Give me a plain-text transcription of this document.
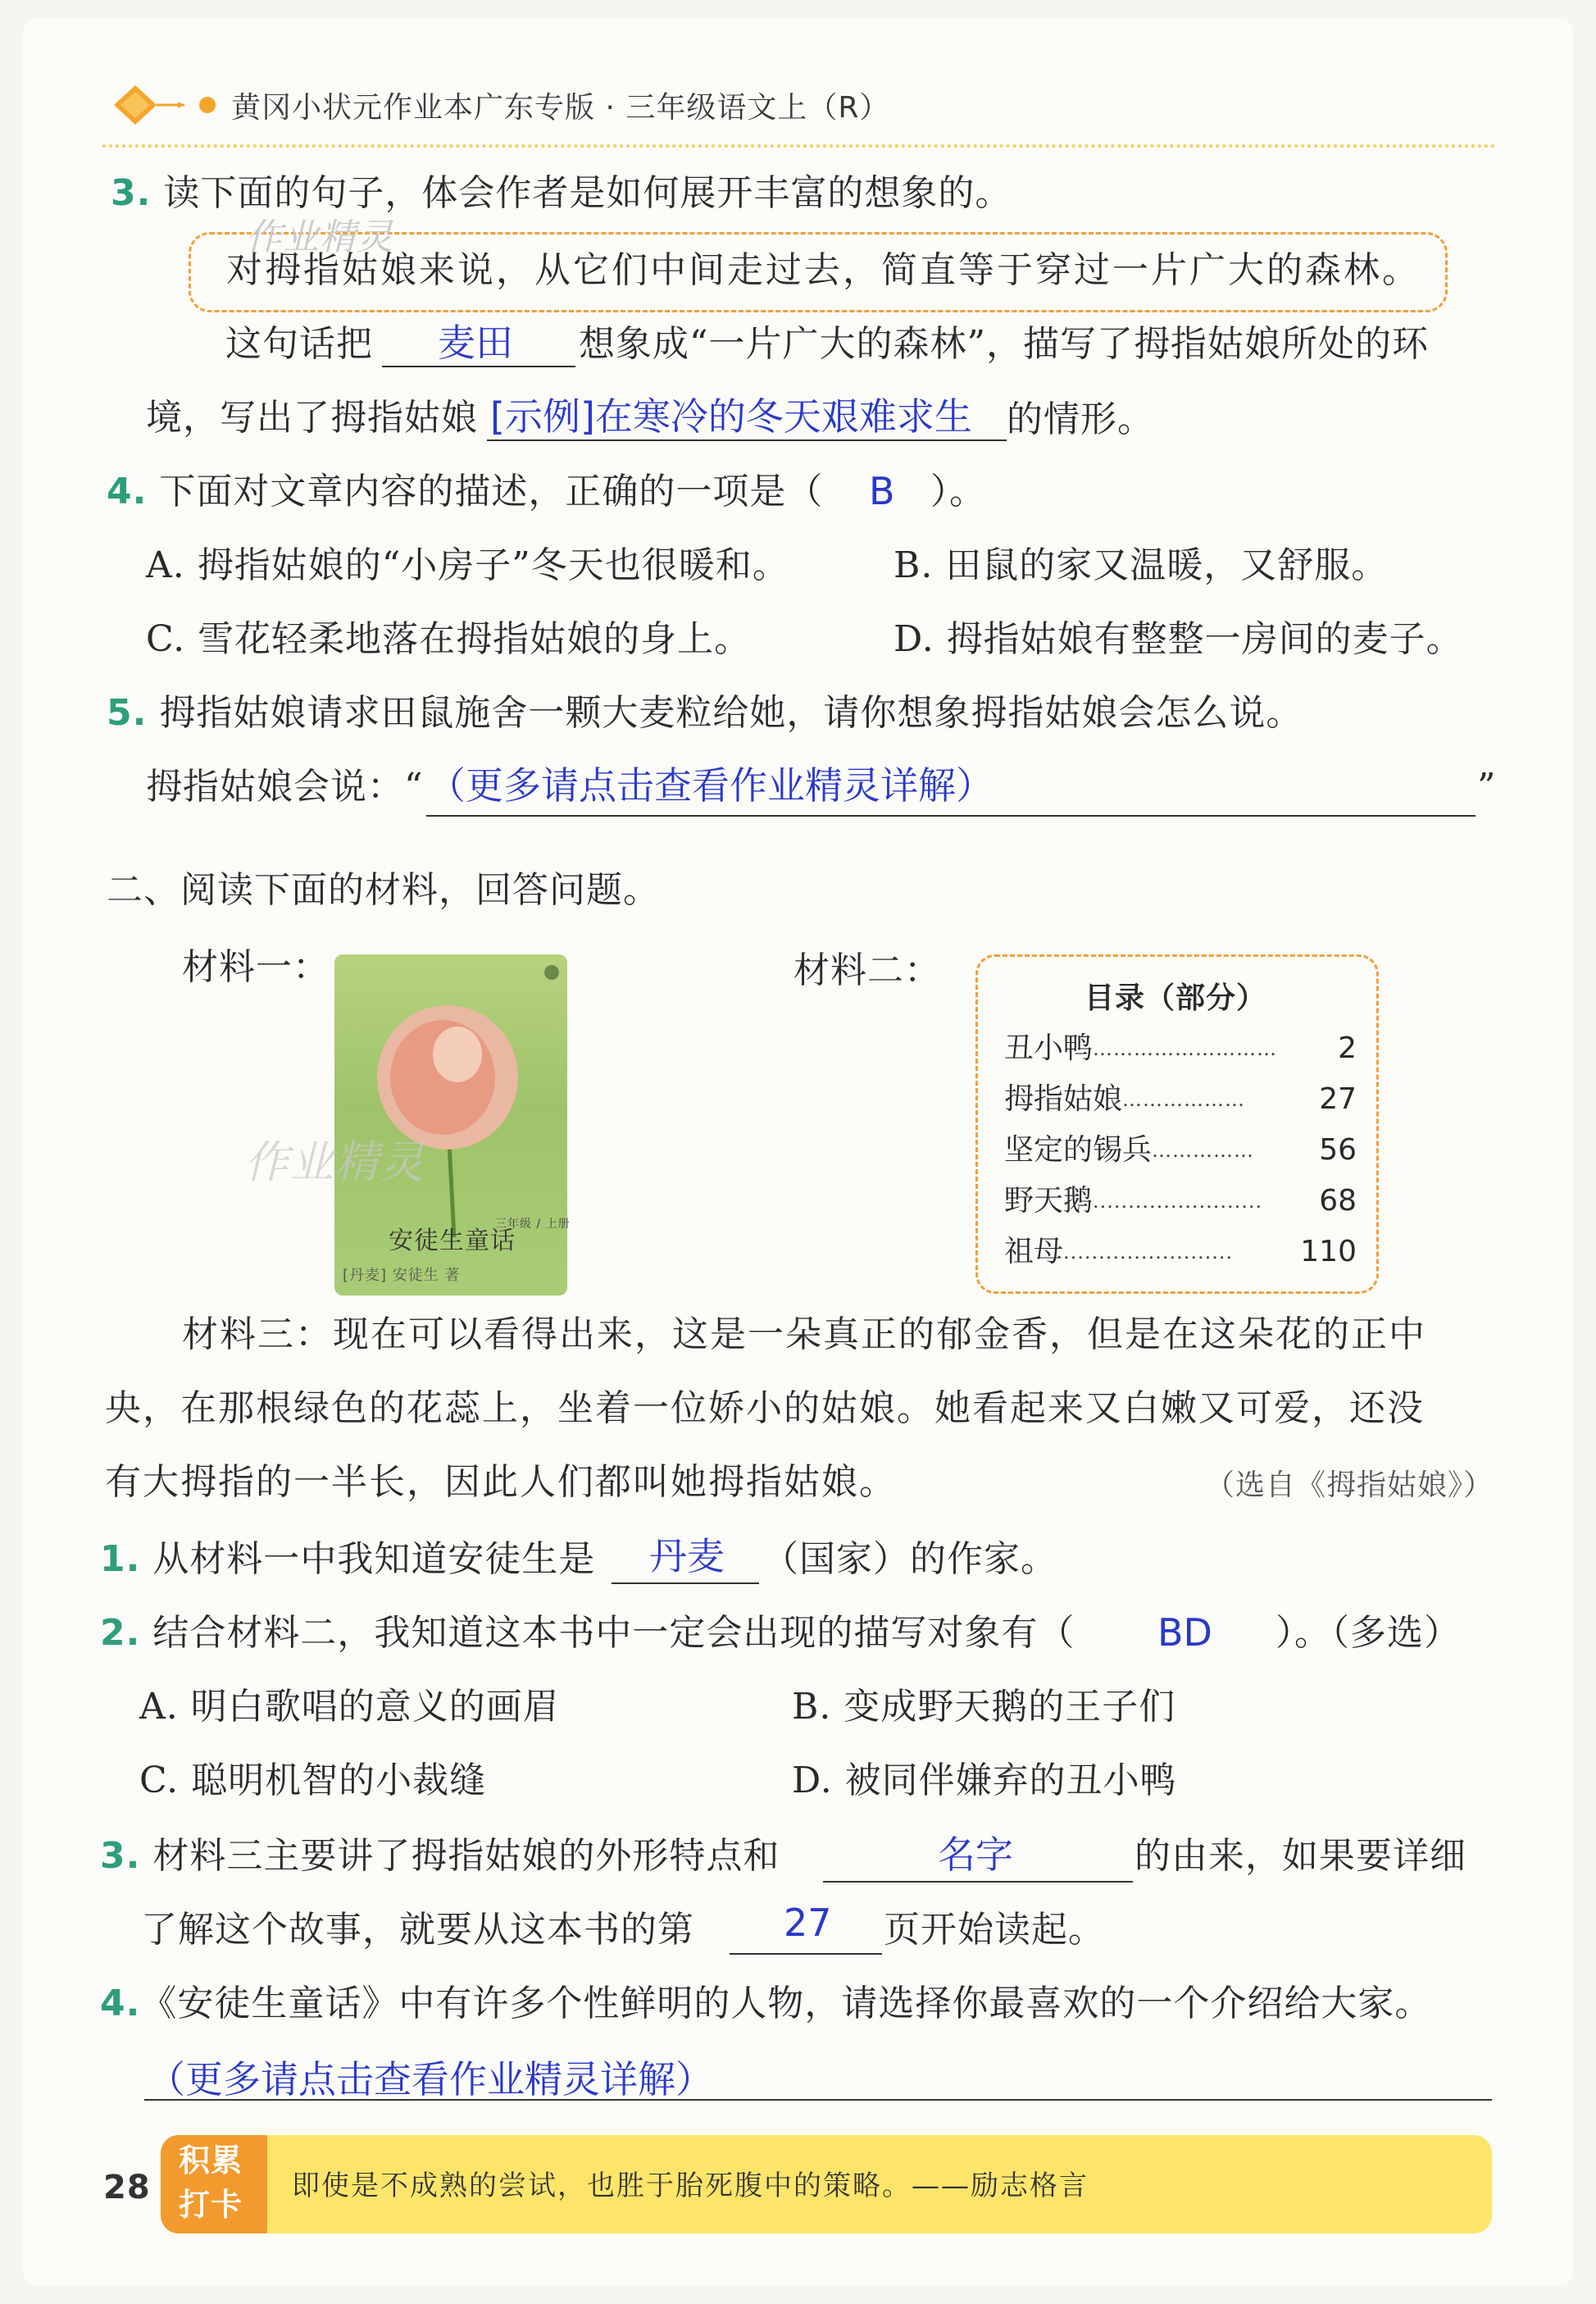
黄冈小状元作业本广东专版 · 三年级语文上（R）
3. 读下面的句子，体会作者是如何展开丰富的想象的。
作业精灵
对拇指姑娘来说，从它们中间走过去，简直等于穿过一片广大的森林。
这句话把 麦田 想象成“一片广大的森林”，描写了拇指姑娘所处的环
境，写出了拇指姑娘 [示例]在寒冷的冬天艰难求生 的情形。
4. 下面对文章内容的描述，正确的一项是（ B ）。
A. 拇指姑娘的“小房子”冬天也很暖和。	B. 田鼠的家又温暖，又舒服。
C. 雪花轻柔地落在拇指姑娘的身上。	D. 拇指姑娘有整整一房间的麦子。
5. 拇指姑娘请求田鼠施舍一颗大麦粒给她，请你想象拇指姑娘会怎么说。
拇指姑娘会说：“ （更多请点击查看作业精灵详解）	”
二、阅读下面的材料，回答问题。
材料一：
三年级 / 上册
安徒生童话
[丹麦] 安徒生 著
作业精灵
材料二：
目录（部分）
丑小鸭 ………………………	2
拇指姑娘 ………………	27
坚定的锡兵 ……………	56
野天鹅 ........................	68
祖母 ........................	110
材料三：现在可以看得出来，这是一朵真正的郁金香，但是在这朵花的正中
央，在那根绿色的花蕊上，坐着一位娇小的姑娘。她看起来又白嫩又可爱，还没
有大拇指的一半长，因此人们都叫她拇指姑娘。	（选自《拇指姑娘》）
1. 从材料一中我知道安徒生是 丹麦 （国家）的作家。
2. 结合材料二，我知道这本书中一定会出现的描写对象有（ BD ）。（多选）
A. 明白歌唱的意义的画眉	B. 变成野天鹅的王子们
C. 聪明机智的小裁缝	D. 被同伴嫌弃的丑小鸭
3. 材料三主要讲了拇指姑娘的外形特点和	名字	的由来，如果要详细
了解这个故事，就要从这本书的第 27 页开始读起。
4.《安徒生童话》中有许多个性鲜明的人物，请选择你最喜欢的一个介绍给大家。
（更多请点击查看作业精灵详解）
28
积累
打卡
即使是不成熟的尝试，也胜于胎死腹中的策略。——励志格言
